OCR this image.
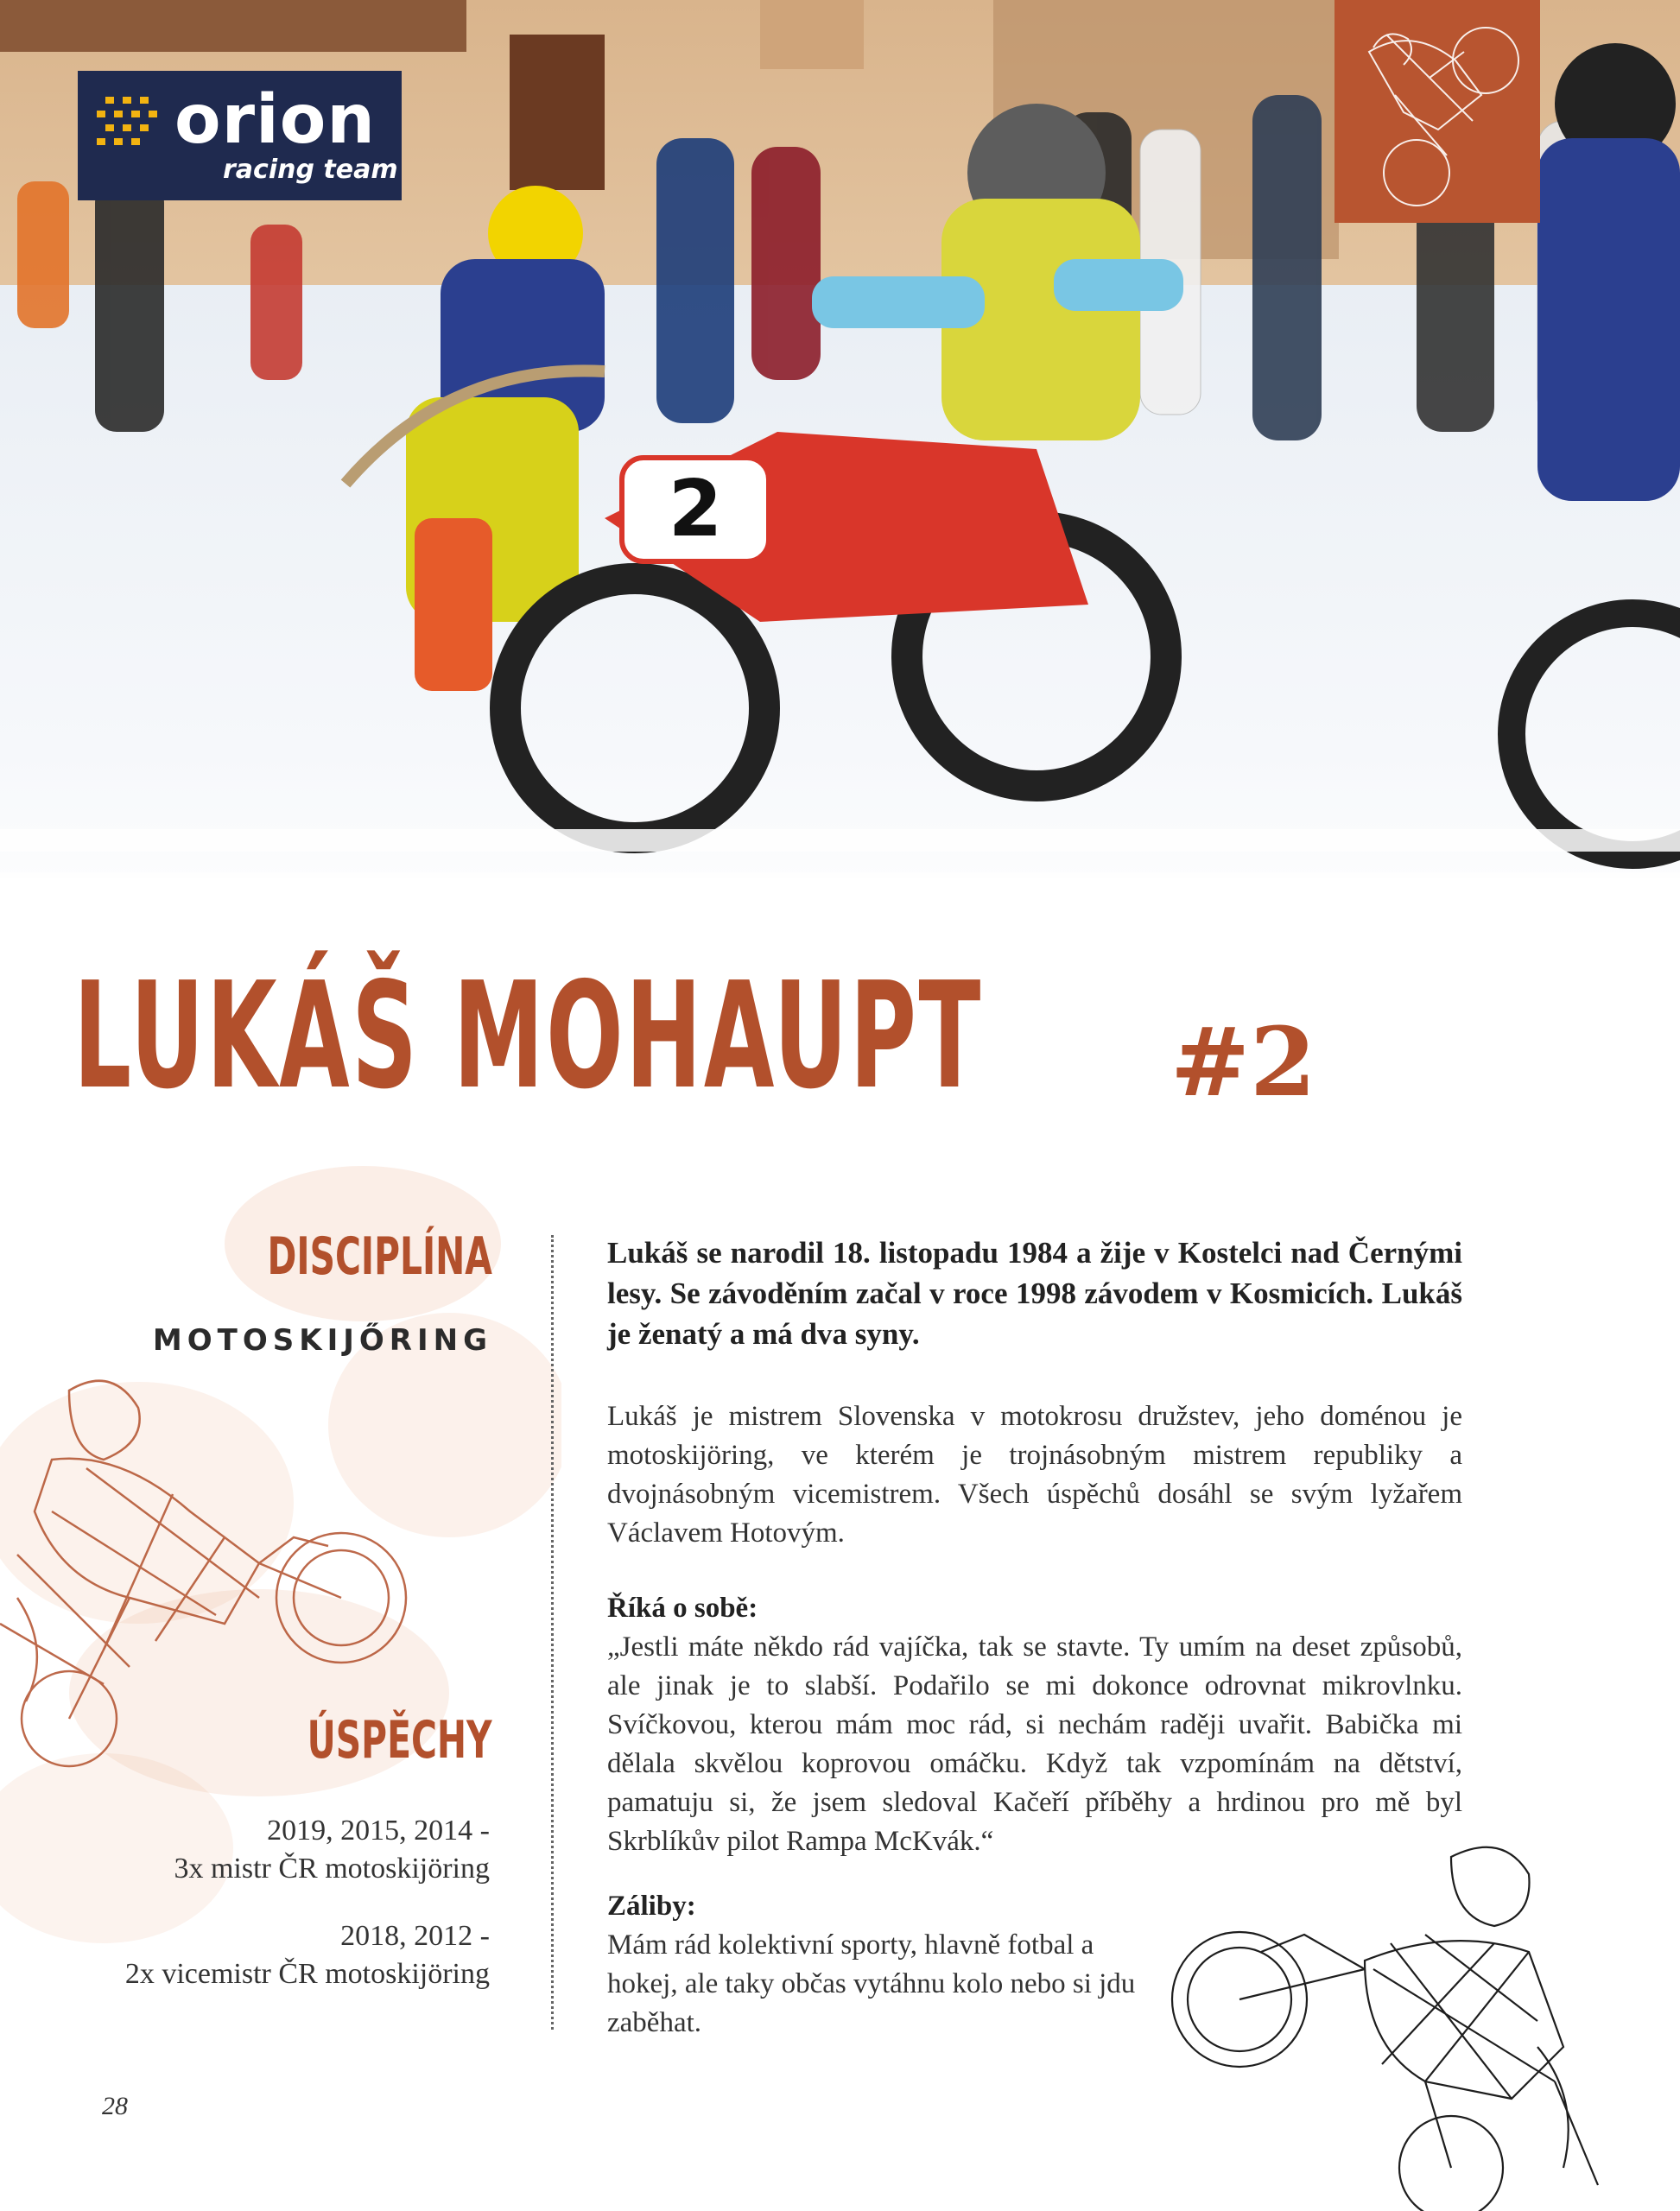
2
orion
racing team
LUKÁŠ MOHAUPT #2
DISCIPLÍNA
MOTOSKIJŐRING
ÚSPĚCHY
2019, 2015, 2014 -
3x mistr ČR motoskijöring
2018, 2012 -
2x vicemistr ČR motoskijöring
Lukáš se narodil 18. listopadu 1984 a žije v Kostelci nad Černými lesy. Se závoděním začal v roce 1998 závodem v Kosmicích. Lukáš je ženatý a má dva syny.
Lukáš je mistrem Slovenska v motokrosu družstev, jeho doménou je motoskijöring, ve kterém je trojnásobným mistrem republiky a dvojnásobným vicemistrem. Všech úspěchů dosáhl se svým lyžařem Václavem Hotovým.
Říká o sobě:
„Jestli máte někdo rád vajíčka, tak se stavte. Ty umím na deset způsobů, ale jinak je to slabší. Podařilo se mi dokonce odrovnat mikrovlnku. Svíčkovou, kterou mám moc rád, si nechám raději uvařit. Babička mi dělala skvělou koprovou omáčku. Když tak vzpomínám na dětství, pamatuju si, že jsem sledoval Kačeří příběhy a hrdinou pro mě byl Skrblíkův pilot Rampa McKvák.“
Záliby:
Mám rád kolektivní sporty, hlavně fotbal a hokej, ale taky občas vytáhnu kolo nebo si jdu zaběhat.
28
